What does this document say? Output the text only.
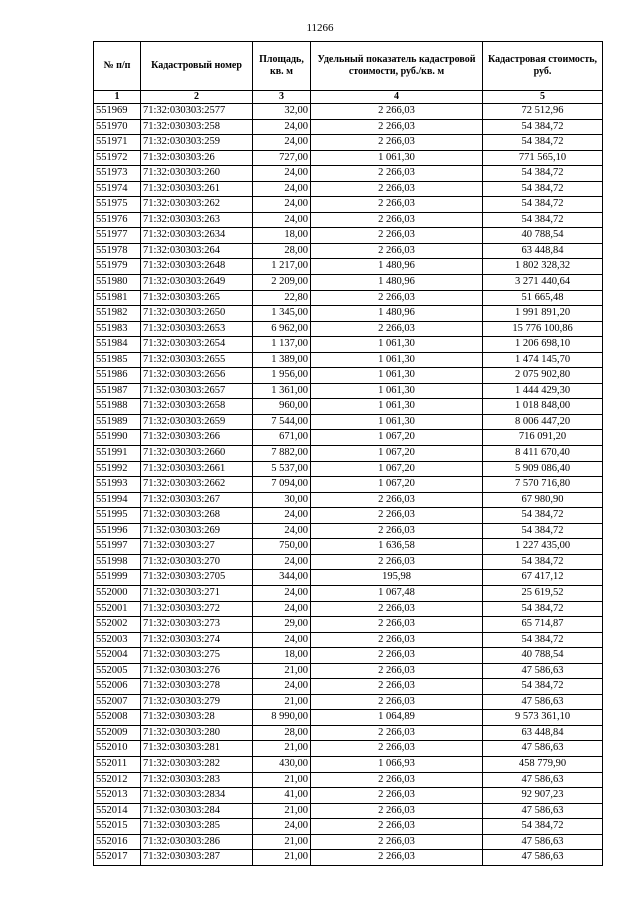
11266
№ п/п	Кадастровый номер	Площадь, кв. м	Удельный показатель кадастровой стоимости, руб./кв. м	Кадастровая стоимость, руб.
1	2	3	4	5
551969	71:32:030303:2577	32,00	2 266,03	72 512,96
551970	71:32:030303:258	24,00	2 266,03	54 384,72
551971	71:32:030303:259	24,00	2 266,03	54 384,72
551972	71:32:030303:26	727,00	1 061,30	771 565,10
551973	71:32:030303:260	24,00	2 266,03	54 384,72
551974	71:32:030303:261	24,00	2 266,03	54 384,72
551975	71:32:030303:262	24,00	2 266,03	54 384,72
551976	71:32:030303:263	24,00	2 266,03	54 384,72
551977	71:32:030303:2634	18,00	2 266,03	40 788,54
551978	71:32:030303:264	28,00	2 266,03	63 448,84
551979	71:32:030303:2648	1 217,00	1 480,96	1 802 328,32
551980	71:32:030303:2649	2 209,00	1 480,96	3 271 440,64
551981	71:32:030303:265	22,80	2 266,03	51 665,48
551982	71:32:030303:2650	1 345,00	1 480,96	1 991 891,20
551983	71:32:030303:2653	6 962,00	2 266,03	15 776 100,86
551984	71:32:030303:2654	1 137,00	1 061,30	1 206 698,10
551985	71:32:030303:2655	1 389,00	1 061,30	1 474 145,70
551986	71:32:030303:2656	1 956,00	1 061,30	2 075 902,80
551987	71:32:030303:2657	1 361,00	1 061,30	1 444 429,30
551988	71:32:030303:2658	960,00	1 061,30	1 018 848,00
551989	71:32:030303:2659	7 544,00	1 061,30	8 006 447,20
551990	71:32:030303:266	671,00	1 067,20	716 091,20
551991	71:32:030303:2660	7 882,00	1 067,20	8 411 670,40
551992	71:32:030303:2661	5 537,00	1 067,20	5 909 086,40
551993	71:32:030303:2662	7 094,00	1 067,20	7 570 716,80
551994	71:32:030303:267	30,00	2 266,03	67 980,90
551995	71:32:030303:268	24,00	2 266,03	54 384,72
551996	71:32:030303:269	24,00	2 266,03	54 384,72
551997	71:32:030303:27	750,00	1 636,58	1 227 435,00
551998	71:32:030303:270	24,00	2 266,03	54 384,72
551999	71:32:030303:2705	344,00	195,98	67 417,12
552000	71:32:030303:271	24,00	1 067,48	25 619,52
552001	71:32:030303:272	24,00	2 266,03	54 384,72
552002	71:32:030303:273	29,00	2 266,03	65 714,87
552003	71:32:030303:274	24,00	2 266,03	54 384,72
552004	71:32:030303:275	18,00	2 266,03	40 788,54
552005	71:32:030303:276	21,00	2 266,03	47 586,63
552006	71:32:030303:278	24,00	2 266,03	54 384,72
552007	71:32:030303:279	21,00	2 266,03	47 586,63
552008	71:32:030303:28	8 990,00	1 064,89	9 573 361,10
552009	71:32:030303:280	28,00	2 266,03	63 448,84
552010	71:32:030303:281	21,00	2 266,03	47 586,63
552011	71:32:030303:282	430,00	1 066,93	458 779,90
552012	71:32:030303:283	21,00	2 266,03	47 586,63
552013	71:32:030303:2834	41,00	2 266,03	92 907,23
552014	71:32:030303:284	21,00	2 266,03	47 586,63
552015	71:32:030303:285	24,00	2 266,03	54 384,72
552016	71:32:030303:286	21,00	2 266,03	47 586,63
552017	71:32:030303:287	21,00	2 266,03	47 586,63
